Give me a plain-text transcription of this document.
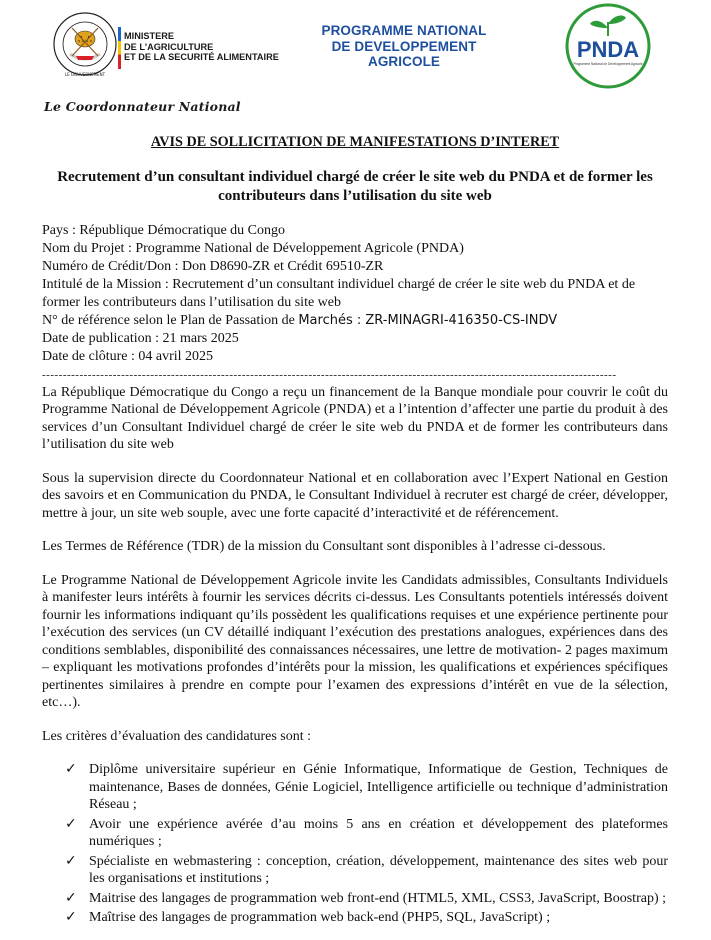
LE GOUVERNEMENT
MINISTERE
DE L'AGRICULTURE
ET DE LA SECURITÉ ALIMENTAIRE
PROGRAMME NATIONAL
DE DEVELOPPEMENT
AGRICOLE	PNDA
Programme National de Développement Agricole
Le Coordonnateur National
AVIS DE SOLLICITATION DE MANIFESTATIONS D’INTERET
Recrutement d’un consultant individuel chargé de créer le site web du PNDA et de former les contributeurs dans l’utilisation du site web

Pays : République Démocratique du Congo

Nom du Projet : Programme National de Développement Agricole (PNDA)

Numéro de Crédit/Don : Don D8690-ZR et Crédit 69510-ZR

Intitulé de la Mission : Recrutement d’un consultant individuel chargé de créer le site web du PNDA et de former les contributeurs dans l’utilisation du site web

N° de référence selon le Plan de Passation de Marchés : ZR-MINAGRI-416350-CS-INDV

Date de publication : 21 mars 2025

Date de clôture : 04 avril 2025

------------------------------------------------------------------------------------------------------------------------------------------

La République Démocratique du Congo a reçu un financement de la Banque mondiale pour couvrir le coût du Programme National de Développement Agricole (PNDA) et a l’intention d’affecter une partie du produit à des services d’un Consultant Individuel chargé de créer le site web du PNDA et de former les contributeurs dans l’utilisation du site web

Sous la supervision directe du Coordonnateur National et en collaboration avec l’Expert National en Gestion des savoirs et en Communication du PNDA, le Consultant Individuel à recruter est chargé de créer, développer, mettre à jour, un site web souple, avec une forte capacité d’interactivité et de référencement.

Les Termes de Référence (TDR) de la mission du Consultant sont disponibles à l’adresse ci-dessous.

Le Programme National de Développement Agricole invite les Candidats admissibles, Consultants Individuels à manifester leurs intérêts à fournir les services décrits ci-dessus. Les Consultants potentiels intéressés doivent fournir les informations indiquant qu’ils possèdent les qualifications requises et une expérience pertinente pour l’exécution des services (un CV détaillé indiquant l’exécution des prestations analogues, expériences dans des conditions semblables, disponibilité des connaissances nécessaires, une lettre de motivation- 2 pages maximum – expliquant les motivations profondes d’intérêts pour la mission, les qualifications et expériences spécifiques pertinentes similaires à prendre en compte pour l’examen des expressions d’intérêt en vue de la sélection, etc…).

Les critères d’évaluation des candidatures sont :

✓ Diplôme universitaire supérieur en Génie Informatique, Informatique de Gestion, Techniques de maintenance, Bases de données, Génie Logiciel, Intelligence artificielle ou technique d’administration Réseau ;
✓ Avoir une expérience avérée d’au moins 5 ans en création et développement des plateformes numériques ;
✓ Spécialiste en webmastering : conception, création, développement, maintenance des sites web pour les organisations et institutions ;
✓ Maitrise des langages de programmation web front-end (HTML5, XML, CSS3, JavaScript, Boostrap) ;
✓ Maîtrise des langages de programmation web back-end (PHP5, SQL, JavaScript) ;
